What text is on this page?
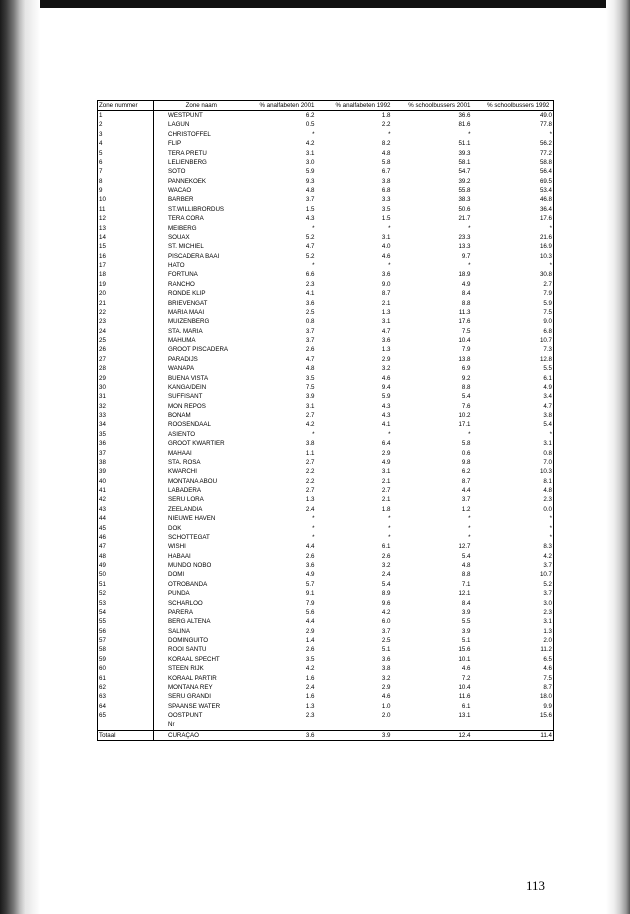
Zone nummer	Zone naam	% analfabeten 2001	% analfabeten 1992	% schoolbussers 2001	% schoolbussers 1992
1	WESTPUNT	6.2	1.8	36.6	49.0
2	LAGUN	0.5	2.2	81.6	77.8
3	CHRISTOFFEL	*	*	*	*
4	FLIP	4.2	8.2	51.1	56.2
5	TERA PRETU	3.1	4.8	39.3	77.2
6	LELIENBERG	3.0	5.8	58.1	58.8
7	SOTO	5.9	6.7	54.7	56.4
8	PANNEKOEK	9.3	3.8	39.2	69.5
9	WACAO	4.8	6.8	55.8	53.4
10	BARBER	3.7	3.3	38.3	46.8
11	ST.WILLIBRORDUS	1.5	3.5	50.6	36.4
12	TERA CORA	4.3	1.5	21.7	17.6
13	MEIBERG	*	*	*	*
14	SOUAX	5.2	3.1	23.3	21.6
15	ST. MICHIEL	4.7	4.0	13.3	16.9
16	PISCADERA BAAI	5.2	4.6	9.7	10.3
17	HATO	*	*	*	*
18	FORTUNA	6.6	3.6	18.9	30.8
19	RANCHO	2.3	9.0	4.9	2.7
20	RONDE KLIP	4.1	8.7	8.4	7.9
21	BRIEVENGAT	3.6	2.1	8.8	5.9
22	MARIA MAAI	2.5	1.3	11.3	7.5
23	MUIZENBERG	0.8	3.1	17.6	9.0
24	STA. MARIA	3.7	4.7	7.5	6.8
25	MAHUMA	3.7	3.6	10.4	10.7
26	GROOT PISCADERA	2.6	1.3	7.9	7.3
27	PARADIJS	4.7	2.9	13.8	12.8
28	WANAPA	4.8	3.2	6.9	5.5
29	BUENA VISTA	3.5	4.6	9.2	6.1
30	KANGA/DEIN	7.5	9.4	8.8	4.9
31	SUFFISANT	3.9	5.9	5.4	3.4
32	MON REPOS	3.1	4.3	7.6	4.7
33	BONAM	2.7	4.3	10.2	3.8
34	ROOSENDAAL	4.2	4.1	17.1	5.4
35	ASIENTO	*	*	*	*
36	GROOT KWARTIER	3.8	6.4	5.8	3.1
37	MAHAAI	1.1	2.9	0.6	0.8
38	STA. ROSA	2.7	4.9	9.8	7.0
39	KWARCHI	2.2	3.1	6.2	10.3
40	MONTANA ABOU	2.2	2.1	8.7	8.1
41	LABADERA	2.7	2.7	4.4	4.8
42	SERU LORA	1.3	2.1	3.7	2.3
43	ZEELANDIA	2.4	1.8	1.2	0.0
44	NIEUWE HAVEN	*	*	*	*
45	DOK	*	*	*	*
46	SCHOTTEGAT	*	*	*	*
47	WISHI	4.4	6.1	12.7	8.3
48	HABAAI	2.6	2.6	5.4	4.2
49	MUNDO NOBO	3.6	3.2	4.8	3.7
50	DOMI	4.9	2.4	8.8	10.7
51	OTROBANDA	5.7	5.4	7.1	5.2
52	PUNDA	9.1	8.9	12.1	3.7
53	SCHARLOO	7.9	9.6	8.4	3.0
54	PARERA	5.6	4.2	3.9	2.3
55	BERG ALTENA	4.4	6.0	5.5	3.1
56	SALINA	2.9	3.7	3.9	1.3
57	DOMINGUITO	1.4	2.5	5.1	2.0
58	ROOI SANTU	2.6	5.1	15.6	11.2
59	KORAAL SPECHT	3.5	3.6	10.1	6.5
60	STEEN RIJK	4.2	3.8	4.6	4.6
61	KORAAL PARTIR	1.6	3.2	7.2	7.5
62	MONTANA REY	2.4	2.9	10.4	8.7
63	SERU GRANDI	1.6	4.6	11.6	18.0
64	SPAANSE WATER	1.3	1.0	6.1	9.9
65	OOSTPUNT	2.3	2.0	13.1	15.6
	Nr				
Totaal	CURAÇAO	3.6	3.9	12.4	11.4
113
